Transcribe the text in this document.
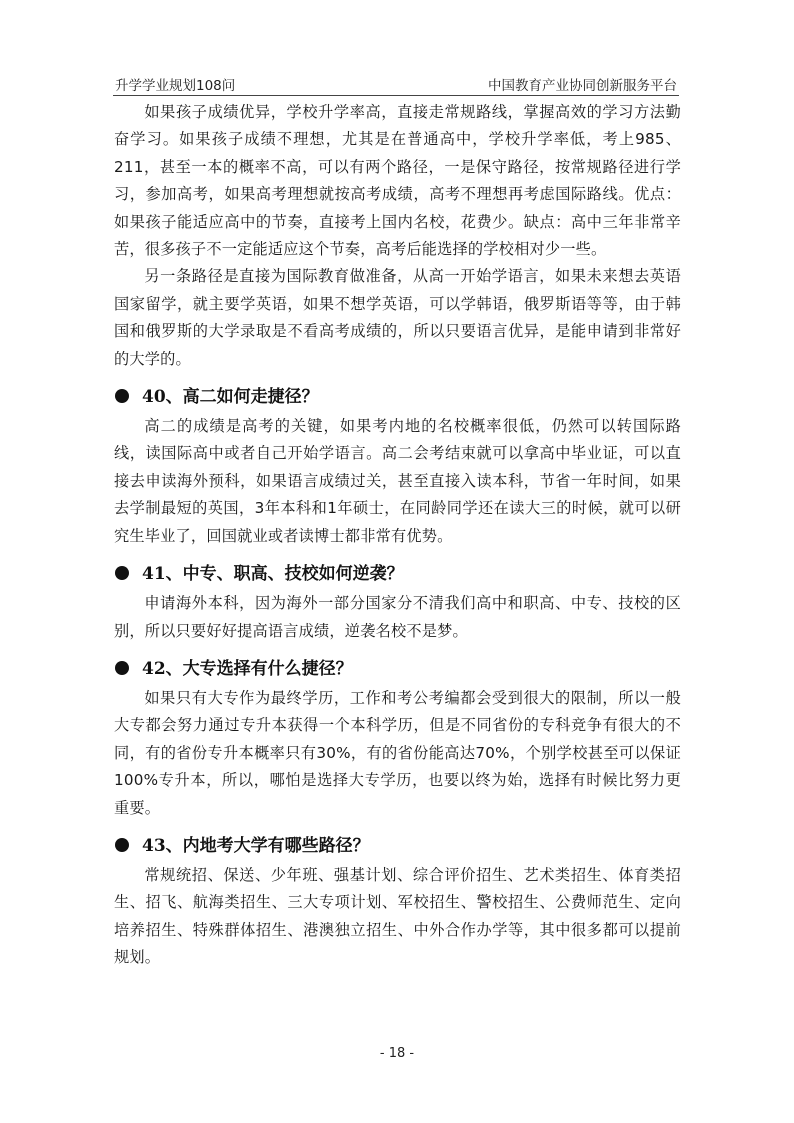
升学学业规划108问	中国教育产业协同创新服务平台

如果孩子成绩优异，学校升学率高，直接走常规路线，掌握高效的学习方法勤奋学习。如果孩子成绩不理想，尤其是在普通高中，学校升学率低，考上985、211，甚至一本的概率不高，可以有两个路径，一是保守路径，按常规路径进行学习，参加高考，如果高考理想就按高考成绩，高考不理想再考虑国际路线。优点：如果孩子能适应高中的节奏，直接考上国内名校，花费少。缺点：高中三年非常辛苦，很多孩子不一定能适应这个节奏，高考后能选择的学校相对少一些。

另一条路径是直接为国际教育做准备，从高一开始学语言，如果未来想去英语国家留学，就主要学英语，如果不想学英语，可以学韩语，俄罗斯语等等，由于韩国和俄罗斯的大学录取是不看高考成绩的，所以只要语言优异，是能申请到非常好的大学的。

40、高二如何走捷径？

高二的成绩是高考的关键，如果考内地的名校概率很低，仍然可以转国际路线，读国际高中或者自己开始学语言。高二会考结束就可以拿高中毕业证，可以直接去申读海外预科，如果语言成绩过关，甚至直接入读本科，节省一年时间，如果去学制最短的英国，3年本科和1年硕士，在同龄同学还在读大三的时候，就可以研究生毕业了，回国就业或者读博士都非常有优势。

41、中专、职高、技校如何逆袭？

申请海外本科，因为海外一部分国家分不清我们高中和职高、中专、技校的区别，所以只要好好提高语言成绩，逆袭名校不是梦。

42、大专选择有什么捷径？

如果只有大专作为最终学历，工作和考公考编都会受到很大的限制，所以一般大专都会努力通过专升本获得一个本科学历，但是不同省份的专科竞争有很大的不同，有的省份专升本概率只有30%，有的省份能高达70%，个别学校甚至可以保证100%专升本，所以，哪怕是选择大专学历，也要以终为始，选择有时候比努力更重要。

43、内地考大学有哪些路径？

常规统招、保送、少年班、强基计划、综合评价招生、艺术类招生、体育类招生、招飞、航海类招生、三大专项计划、军校招生、警校招生、公费师范生、定向培养招生、特殊群体招生、港澳独立招生、中外合作办学等，其中很多都可以提前规划。

- 18 -
